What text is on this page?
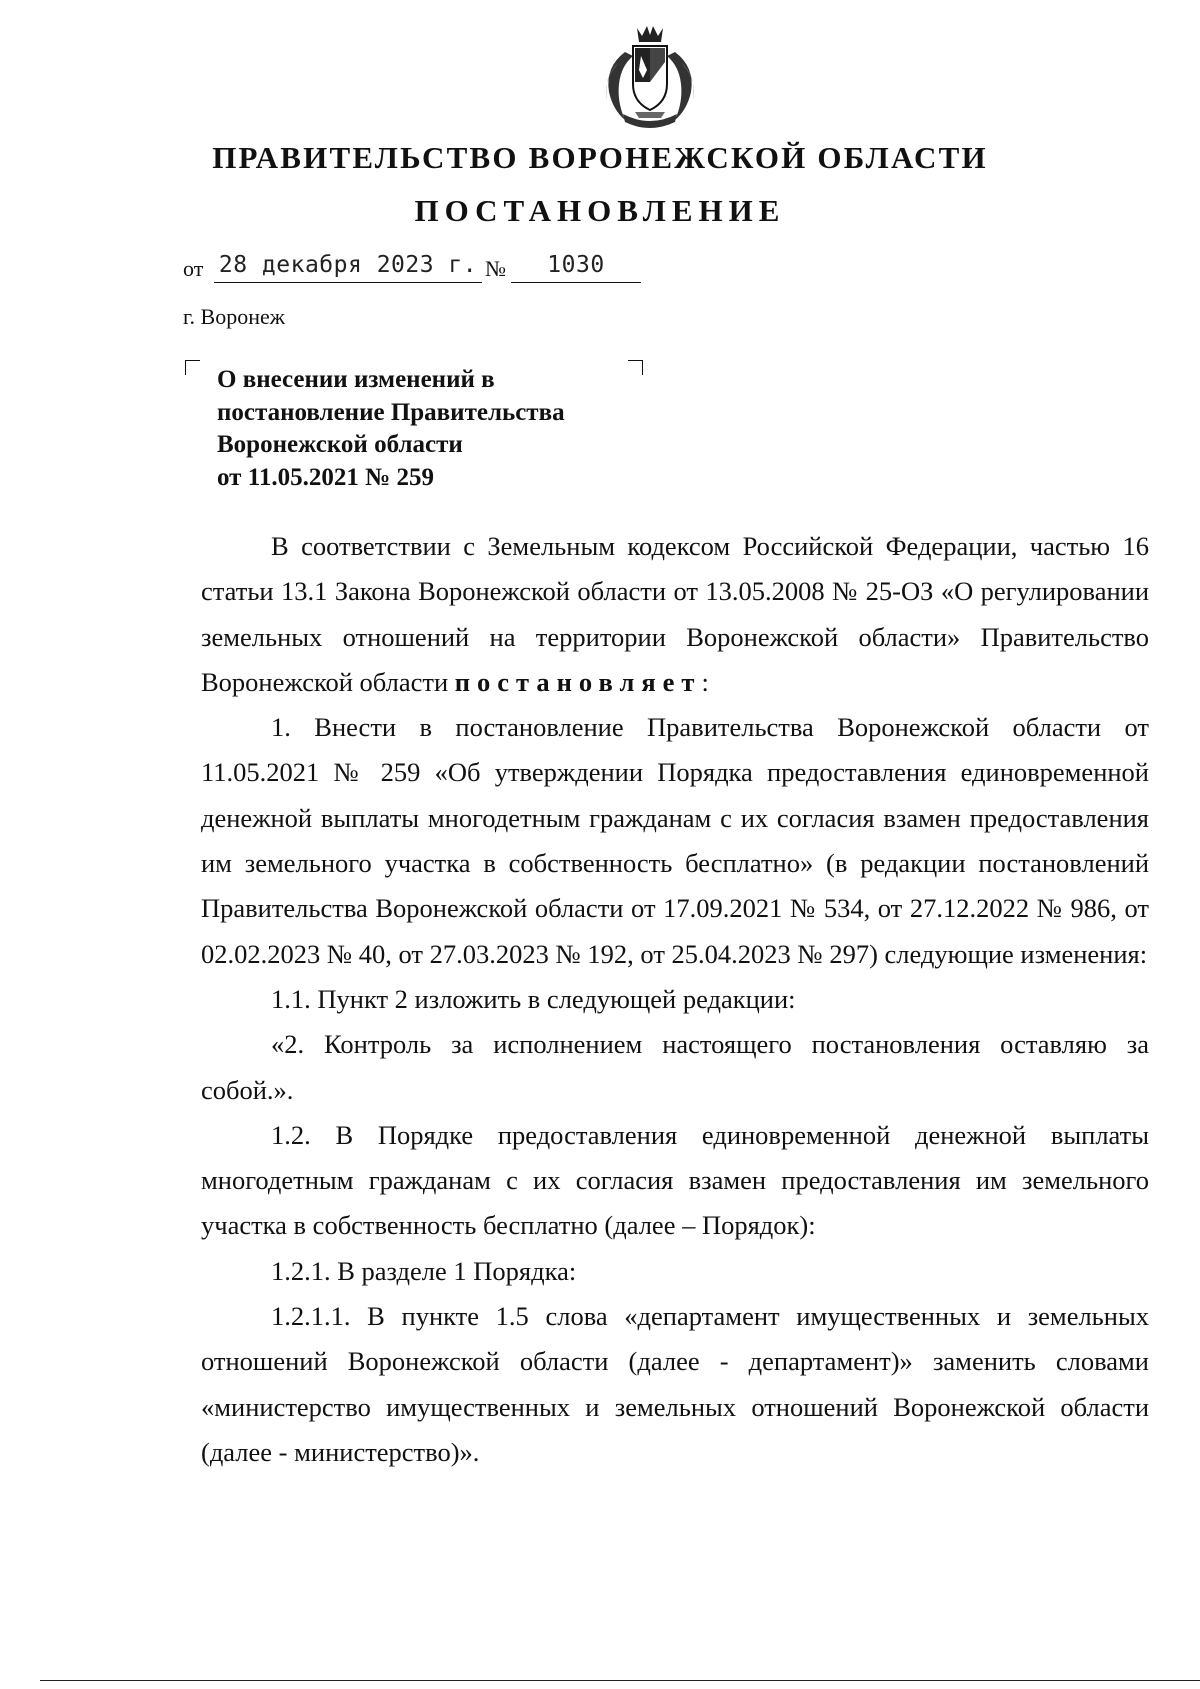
ПРАВИТЕЛЬСТВО ВОРОНЕЖСКОЙ ОБЛАСТИ
ПОСТАНОВЛЕНИЕ
от 28 декабря 2023 г. №	1030
г. Воронеж
О внесении изменений в
постановление Правительства
Воронежской области
от 11.05.2021 № 259

В соответствии с Земельным кодексом Российской Федерации, частью 16 статьи 13.1 Закона Воронежской области от 13.05.2008 № 25-ОЗ «О регулировании земельных отношений на территории Воронежской области» Правительство Воронежской области постановляет:

1. Внести в постановление Правительства Воронежской области от 11.05.2021 № 259 «Об утверждении Порядка предоставления единовременной денежной выплаты многодетным гражданам с их согласия взамен предоставления им земельного участка в собственность бесплатно» (в редакции постановлений Правительства Воронежской области от 17.09.2021 № 534, от 27.12.2022 № 986, от 02.02.2023 № 40, от 27.03.2023 № 192, от 25.04.2023 № 297) следующие изменения:

1.1. Пункт 2 изложить в следующей редакции:

«2. Контроль за исполнением настоящего постановления оставляю за собой.».

1.2. В Порядке предоставления единовременной денежной выплаты многодетным гражданам с их согласия взамен предоставления им земельного участка в собственность бесплатно (далее – Порядок):

1.2.1. В разделе 1 Порядка:

1.2.1.1. В пункте 1.5 слова «департамент имущественных и земельных отношений Воронежской области (далее - департамент)» заменить словами «министерство имущественных и земельных отношений Воронежской области (далее - министерство)».
